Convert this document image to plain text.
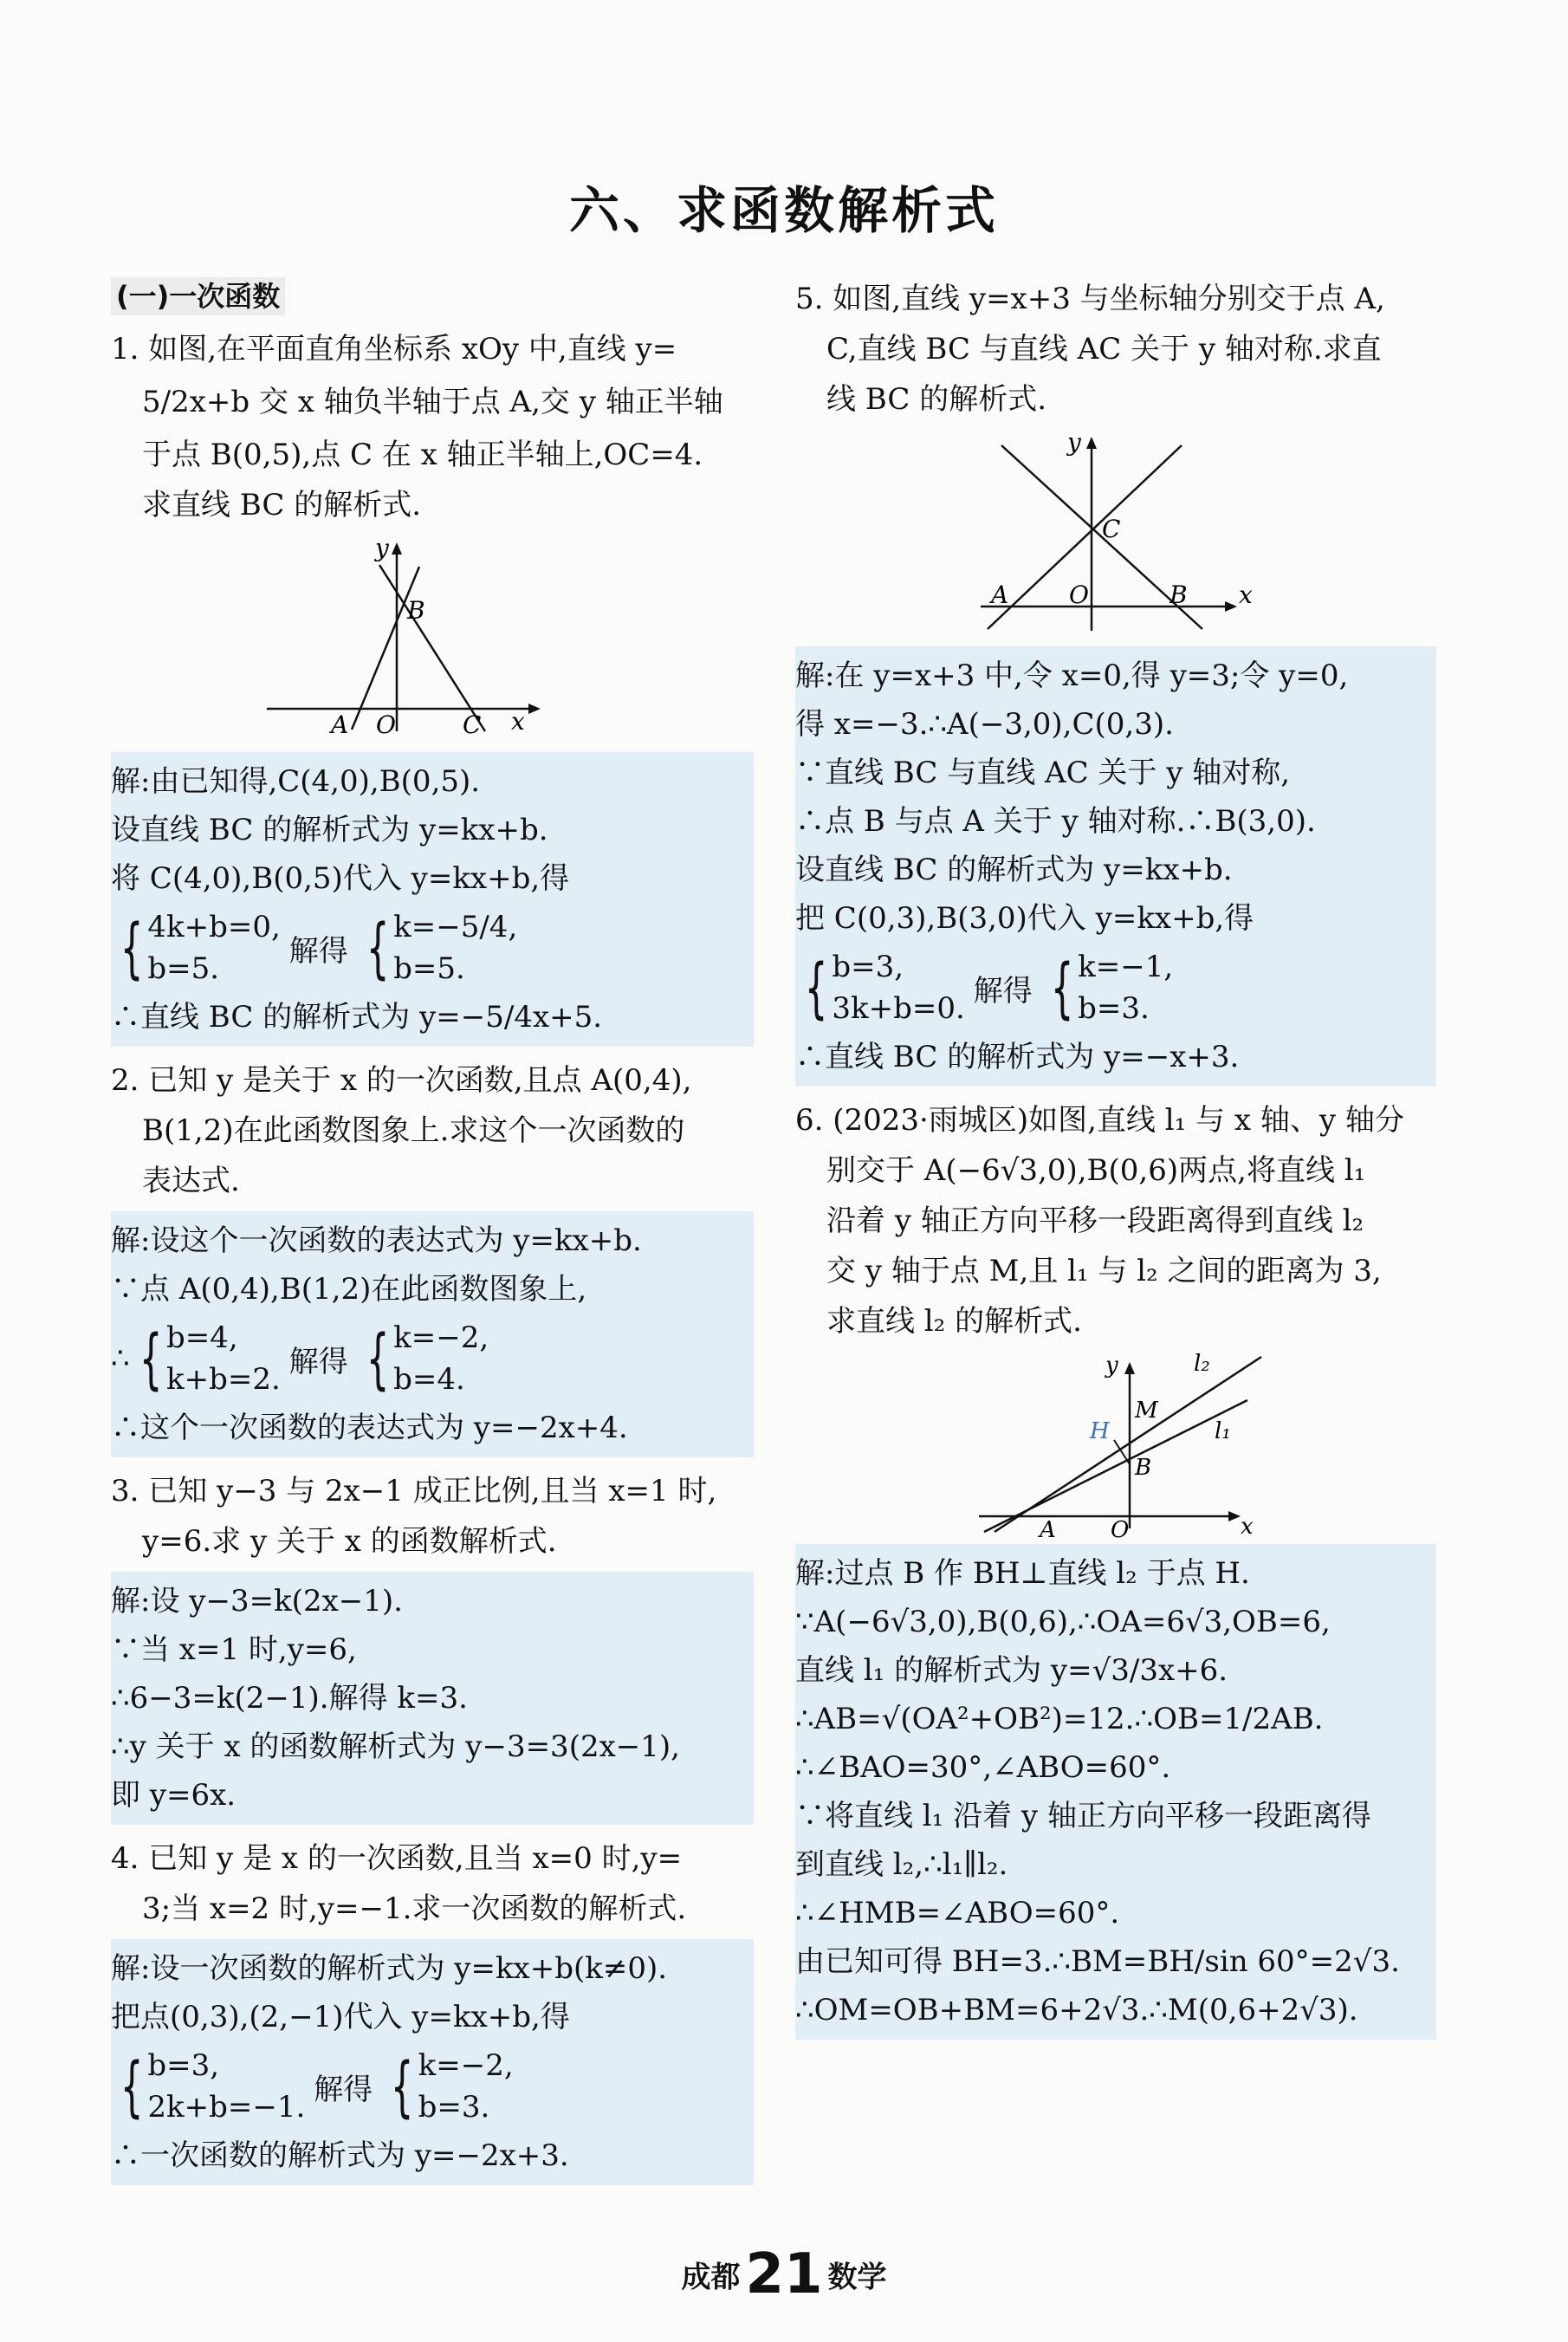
六、求函数解析式
(一)一次函数
1. 如图,在平面直角坐标系 xOy 中,直线 y=
5/2x+b 交 x 轴负半轴于点 A,交 y 轴正半轴
于点 B(0,5),点 C 在 x 轴正半轴上,OC=4.
求直线 BC 的解析式.
y
B
A O	C x
解:由已知得,C(4,0),B(0,5).
设直线 BC 的解析式为 y=kx+b.
将 C(4,0),B(0,5)代入 y=kx+b,得
{ 4k+b=0,
b=5.
解得 { k=−5/4,
b=5.
∴直线 BC 的解析式为 y=−5/4x+5.
2. 已知 y 是关于 x 的一次函数,且点 A(0,4),
B(1,2)在此函数图象上.求这个一次函数的
表达式.
解:设这个一次函数的表达式为 y=kx+b.
∵点 A(0,4),B(1,2)在此函数图象上,
∴ { b=4,
k+b=2.
解得 { k=−2,
b=4.
∴这个一次函数的表达式为 y=−2x+4.
3. 已知 y−3 与 2x−1 成正比例,且当 x=1 时,
y=6.求 y 关于 x 的函数解析式.
解:设 y−3=k(2x−1).
∵当 x=1 时,y=6,
∴6−3=k(2−1).解得 k=3.
∴y 关于 x 的函数解析式为 y−3=3(2x−1),
即 y=6x.
4. 已知 y 是 x 的一次函数,且当 x=0 时,y=
3;当 x=2 时,y=−1.求一次函数的解析式.
解:设一次函数的解析式为 y=kx+b(k≠0).
把点(0,3),(2,−1)代入 y=kx+b,得
{ b=3,
2k+b=−1.
解得 { k=−2,
b=3.
∴一次函数的解析式为 y=−2x+3.
5. 如图,直线 y=x+3 与坐标轴分别交于点 A,
C,直线 BC 与直线 AC 关于 y 轴对称.求直
线 BC 的解析式.
y
C
A O	B x
解:在 y=x+3 中,令 x=0,得 y=3;令 y=0,
得 x=−3.∴A(−3,0),C(0,3).
∵直线 BC 与直线 AC 关于 y 轴对称,
∴点 B 与点 A 关于 y 轴对称.∴B(3,0).
设直线 BC 的解析式为 y=kx+b.
把 C(0,3),B(3,0)代入 y=kx+b,得
{ b=3,
3k+b=0.
解得 { k=−1,
b=3.
∴直线 BC 的解析式为 y=−x+3.
6. (2023·雨城区)如图,直线 l₁ 与 x 轴、y 轴分
别交于 A(−6√3,0),B(0,6)两点,将直线 l₁
沿着 y 轴正方向平移一段距离得到直线 l₂
交 y 轴于点 M,且 l₁ 与 l₂ 之间的距离为 3,
求直线 l₂ 的解析式.
y	l₂
M
H	l₁
B
A O	x
解:过点 B 作 BH⊥直线 l₂ 于点 H.
∵A(−6√3,0),B(0,6),∴OA=6√3,OB=6,
直线 l₁ 的解析式为 y=√3/3x+6.
∴AB=√(OA²+OB²)=12.∴OB=1/2AB.
∴∠BAO=30°,∠ABO=60°.
∵将直线 l₁ 沿着 y 轴正方向平移一段距离得
到直线 l₂,∴l₁∥l₂.
∴∠HMB=∠ABO=60°.
由已知可得 BH=3.∴BM=BH/sin 60°=2√3.
∴OM=OB+BM=6+2√3.∴M(0,6+2√3).
成都21 数学
